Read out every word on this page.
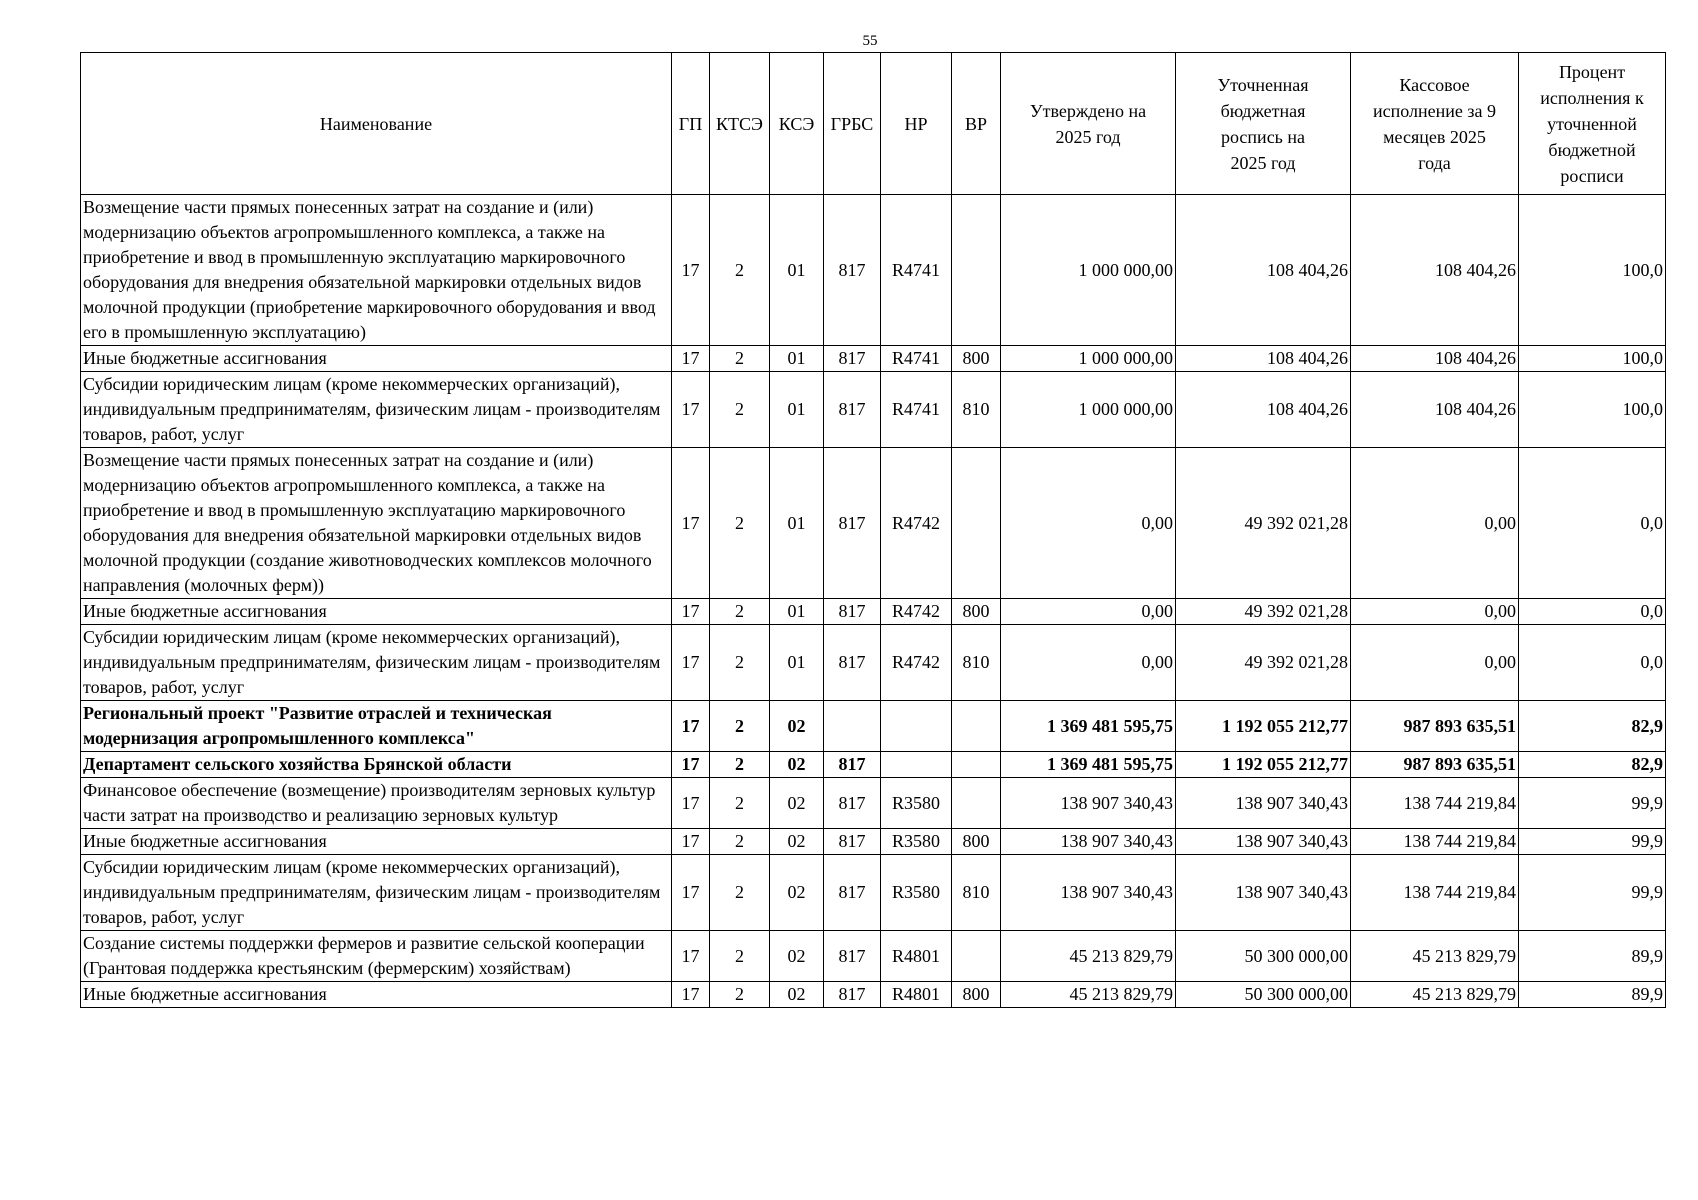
55
Наименование	ГП	КТСЭ	КСЭ	ГРБС	НР	ВР	Утверждено на 2025 год	Уточненная бюджетная роспись на 2025 год	Кассовое исполнение за 9 месяцев 2025 года	Процент исполнения к уточненной бюджетной росписи
Возмещение части прямых понесенных затрат на создание и (или) модернизацию объектов агропромышленного комплекса, а также на приобретение и ввод в промышленную эксплуатацию маркировочного оборудования для внедрения обязательной маркировки отдельных видов молочной продукции (приобретение маркировочного оборудования и ввод его в промышленную эксплуатацию)	17	2	01	817	R4741		1 000 000,00	108 404,26	108 404,26	100,0
Иные бюджетные ассигнования	17	2	01	817	R4741	800	1 000 000,00	108 404,26	108 404,26	100,0
Субсидии юридическим лицам (кроме некоммерческих организаций), индивидуальным предпринимателям, физическим лицам - производителям товаров, работ, услуг	17	2	01	817	R4741	810	1 000 000,00	108 404,26	108 404,26	100,0
Возмещение части прямых понесенных затрат на создание и (или) модернизацию объектов агропромышленного комплекса, а также на приобретение и ввод в промышленную эксплуатацию маркировочного оборудования для внедрения обязательной маркировки отдельных видов молочной продукции (создание животноводческих комплексов молочного направления (молочных ферм))	17	2	01	817	R4742		0,00	49 392 021,28	0,00	0,0
Иные бюджетные ассигнования	17	2	01	817	R4742	800	0,00	49 392 021,28	0,00	0,0
Субсидии юридическим лицам (кроме некоммерческих организаций), индивидуальным предпринимателям, физическим лицам - производителям товаров, работ, услуг	17	2	01	817	R4742	810	0,00	49 392 021,28	0,00	0,0
Региональный проект "Развитие отраслей и техническая модернизация агропромышленного комплекса"	17	2	02				1 369 481 595,75	1 192 055 212,77	987 893 635,51	82,9
Департамент сельского хозяйства Брянской области	17	2	02	817			1 369 481 595,75	1 192 055 212,77	987 893 635,51	82,9
Финансовое обеспечение (возмещение) производителям зерновых культур части затрат на производство и реализацию зерновых культур	17	2	02	817	R3580		138 907 340,43	138 907 340,43	138 744 219,84	99,9
Иные бюджетные ассигнования	17	2	02	817	R3580	800	138 907 340,43	138 907 340,43	138 744 219,84	99,9
Субсидии юридическим лицам (кроме некоммерческих организаций), индивидуальным предпринимателям, физическим лицам - производителям товаров, работ, услуг	17	2	02	817	R3580	810	138 907 340,43	138 907 340,43	138 744 219,84	99,9
Создание системы поддержки фермеров и развитие сельской кооперации (Грантовая поддержка крестьянским (фермерским) хозяйствам)	17	2	02	817	R4801		45 213 829,79	50 300 000,00	45 213 829,79	89,9
Иные бюджетные ассигнования	17	2	02	817	R4801	800	45 213 829,79	50 300 000,00	45 213 829,79	89,9
